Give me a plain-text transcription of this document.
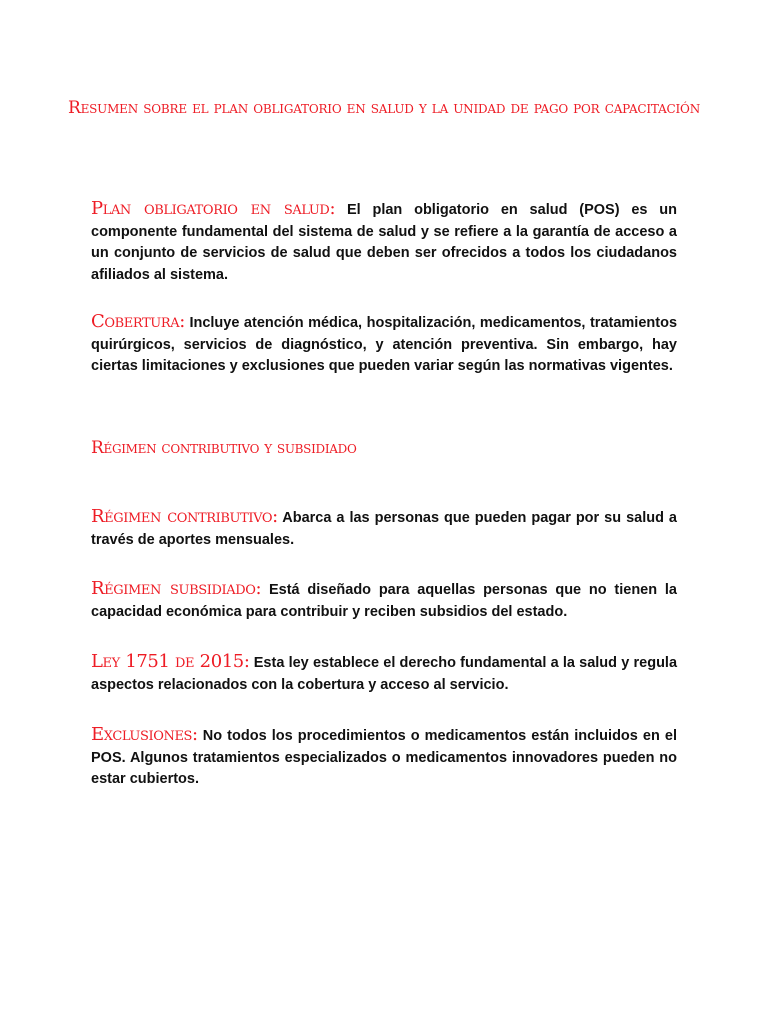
Resumen sobre el plan obligatorio en salud y la unidad de pago por capacitación

Plan obligatorio en salud: El plan obligatorio en salud (POS) es un componente fundamental del sistema de salud y se refiere a la garantía de acceso a un conjunto de servicios de salud que deben ser ofrecidos a todos los ciudadanos afiliados al sistema.

Cobertura: Incluye atención médica, hospitalización, medicamentos, tratamientos quirúrgicos, servicios de diagnóstico, y atención preventiva. Sin embargo, hay ciertas limitaciones y exclusiones que pueden variar según las normativas vigentes.

Régimen contributivo y subsidiado

Régimen contributivo: Abarca a las personas que pueden pagar por su salud a través de aportes mensuales.

Régimen subsidiado: Está diseñado para aquellas personas que no tienen la capacidad económica para contribuir y reciben subsidios del estado.

Ley 1751 de 2015: Esta ley establece el derecho fundamental a la salud y regula aspectos relacionados con la cobertura y acceso al servicio.

Exclusiones: No todos los procedimientos o medicamentos están incluidos en el POS. Algunos tratamientos especializados o medicamentos innovadores pueden no estar cubiertos.
